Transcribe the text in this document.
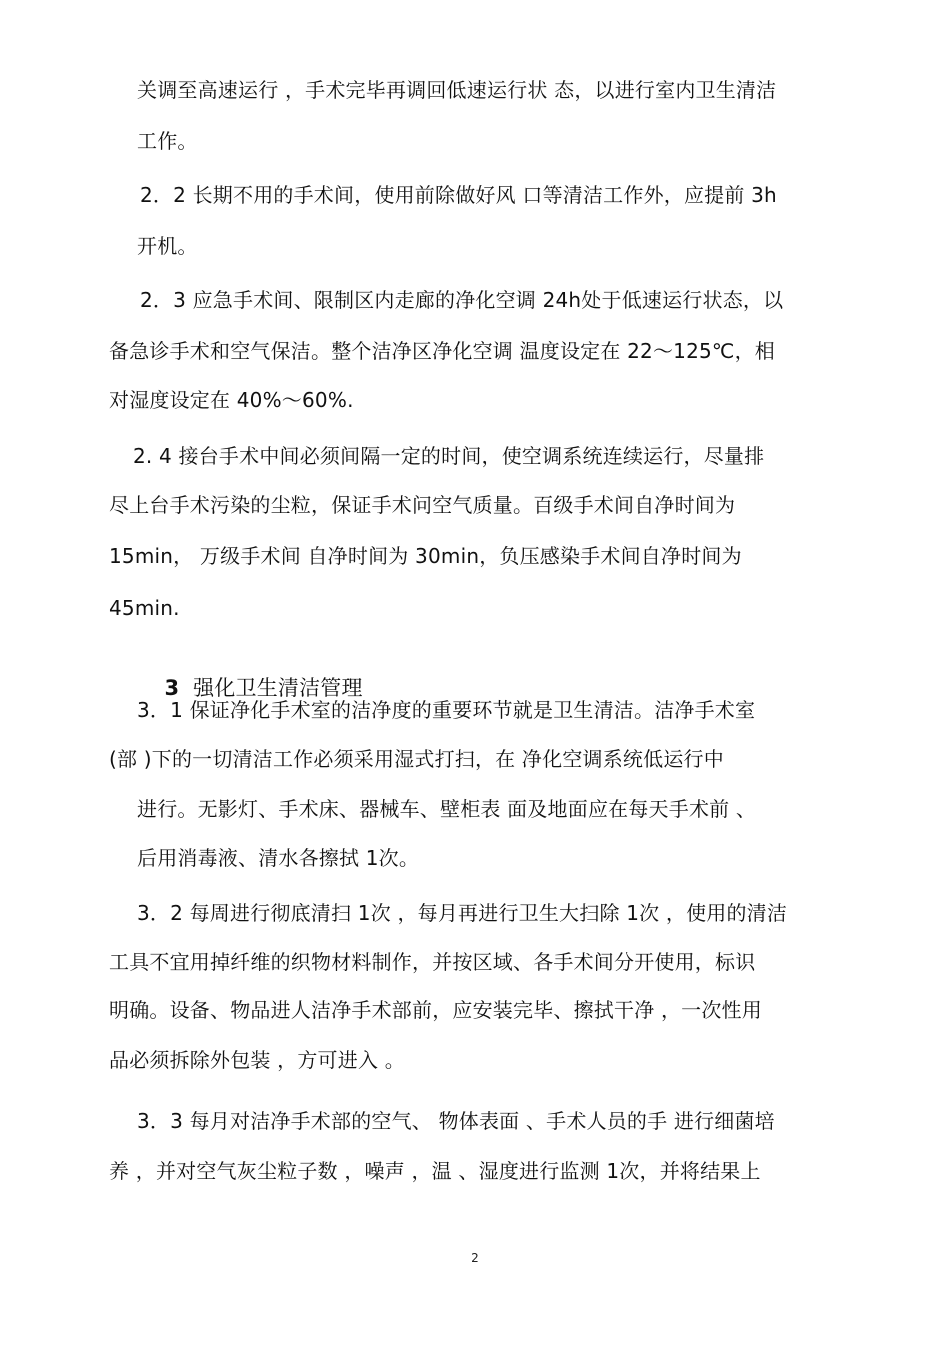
关调至高速运行 ，手术完毕再调回低速运行状 态，以进行室内卫生清洁
工作。
2．2 长期不用的手术间，使用前除做好风 口等清洁工作外，应提前 3h
开机。
2．3 应急手术间、限制区内走廊的净化空调 24h处于低速运行状态，以
备急诊手术和空气保洁。整个洁净区净化空调 温度设定在 22～125℃，相
对湿度设定在 40%～60%.
2. 4 接台手术中间必须间隔一定的时间，使空调系统连续运行，尽量排
尽上台手术污染的尘粒，保证手术问空气质量。百级手术间自净时间为
15min， 万级手术间 自净时间为 30min，负压感染手术间自净时间为
45min.

3 强化卫生清洁管理

3．1 保证净化手术室的洁净度的重要环节就是卫生清洁。洁净手术室
(部 )下的一切清洁工作必须采用湿式打扫，在 净化空调系统低运行中
进行。无影灯、手术床、器械车、壁柜表 面及地面应在每天手术前 、
后用消毒液、清水各擦拭 1次。
3．2 每周进行彻底清扫 1次 ，每月再进行卫生大扫除 1次 ，使用的清洁
工具不宜用掉纤维的织物材料制作，并按区域、各手术间分开使用，标识
明确。设备、物品进人洁净手术部前，应安装完毕、擦拭干净 ，一次性用
品必须拆除外包装 ，方可进入 。
3．3 每月对洁净手术部的空气、 物体表面 、手术人员的手 进行细菌培
养 ，并对空气灰尘粒子数 ，噪声 ，温 、湿度进行监测 1次，并将结果上
2
